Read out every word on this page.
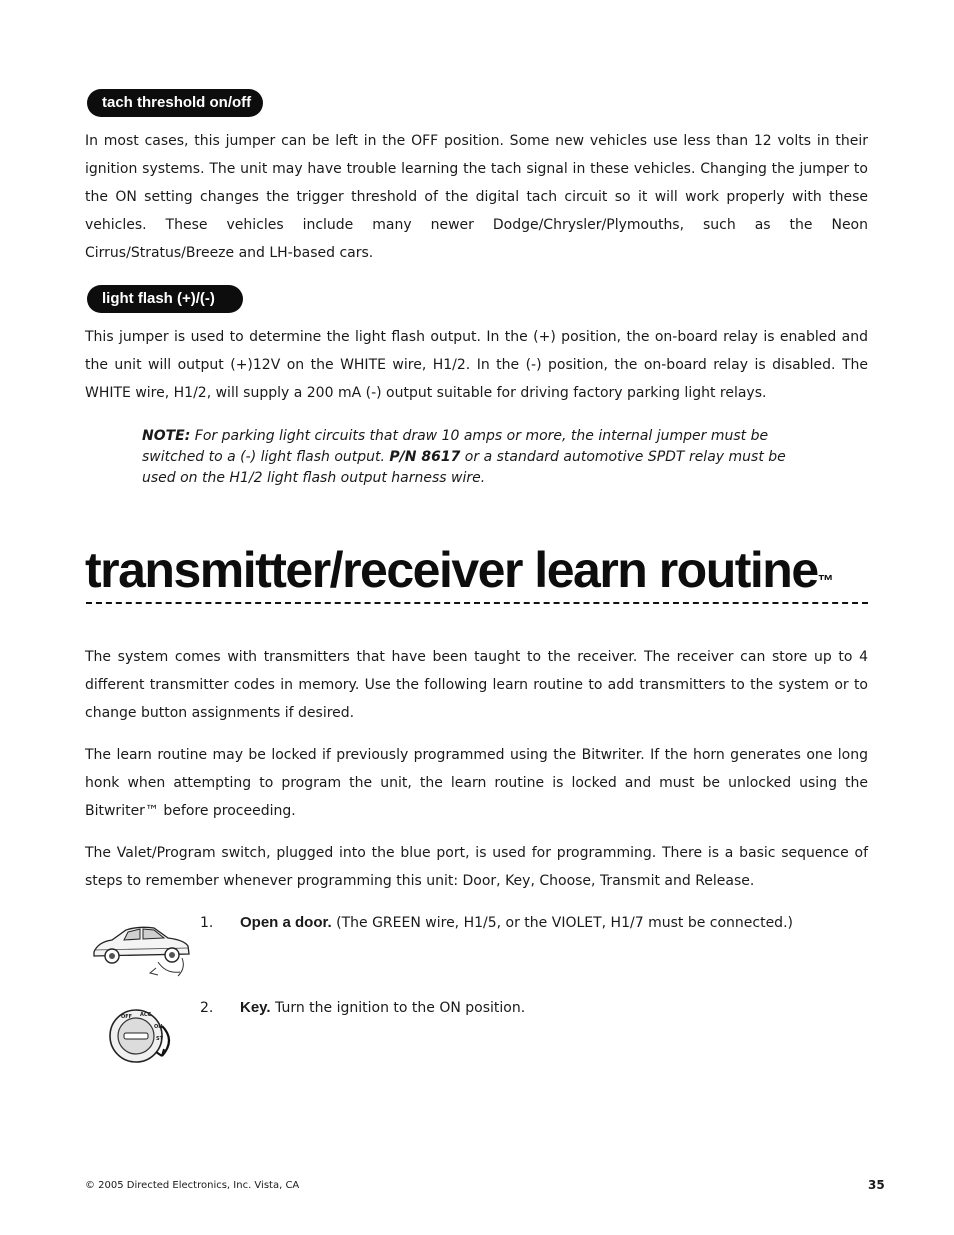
tach threshold on/off

In most cases, this jumper can be left in the OFF position. Some new vehicles use less than 12 volts in their ignition systems. The unit may have trouble learning the tach signal in these vehicles. Changing the jumper to the ON setting changes the trigger threshold of the digital tach circuit so it will work properly with these vehicles. These vehicles include many newer Dodge/Chrysler/Plymouths, such as the Neon Cirrus/Stratus/Breeze and LH-based cars.

light flash (+)/(-)

This jumper is used to determine the light flash output. In the (+) position, the on-board relay is enabled and the unit will output (+)12V on the WHITE wire, H1/2. In the (-) position, the on-board relay is disabled. The WHITE wire, H1/2, will supply a 200 mA (-) output suitable for driving factory parking light relays.

NOTE: For parking light circuits that draw 10 amps or more, the internal jumper must be switched to a (-) light flash output. P/N 8617 or a standard automotive SPDT relay must be used on the H1/2 light flash output harness wire.

transmitter/receiver learn routine™

The system comes with transmitters that have been taught to the receiver. The receiver can store up to 4 different transmitter codes in memory. Use the following learn routine to add transmitters to the system or to change button assignments if desired.

The learn routine may be locked if previously programmed using the Bitwriter. If the horn generates one long honk when attempting to program the unit, the learn routine is locked and must be unlocked using the Bitwriter™ before proceeding.

The Valet/Program switch, plugged into the blue port, is used for programming. There is a basic sequence of steps to remember whenever programming this unit: Door, Key, Choose, Transmit and Release.

OFF ACC
ON
ST
1. Open a door. (The GREEN wire, H1/5, or the VIOLET, H1/7 must be connected.)
2. Key. Turn the ignition to the ON position.
© 2005 Directed Electronics, Inc. Vista, CA	35
